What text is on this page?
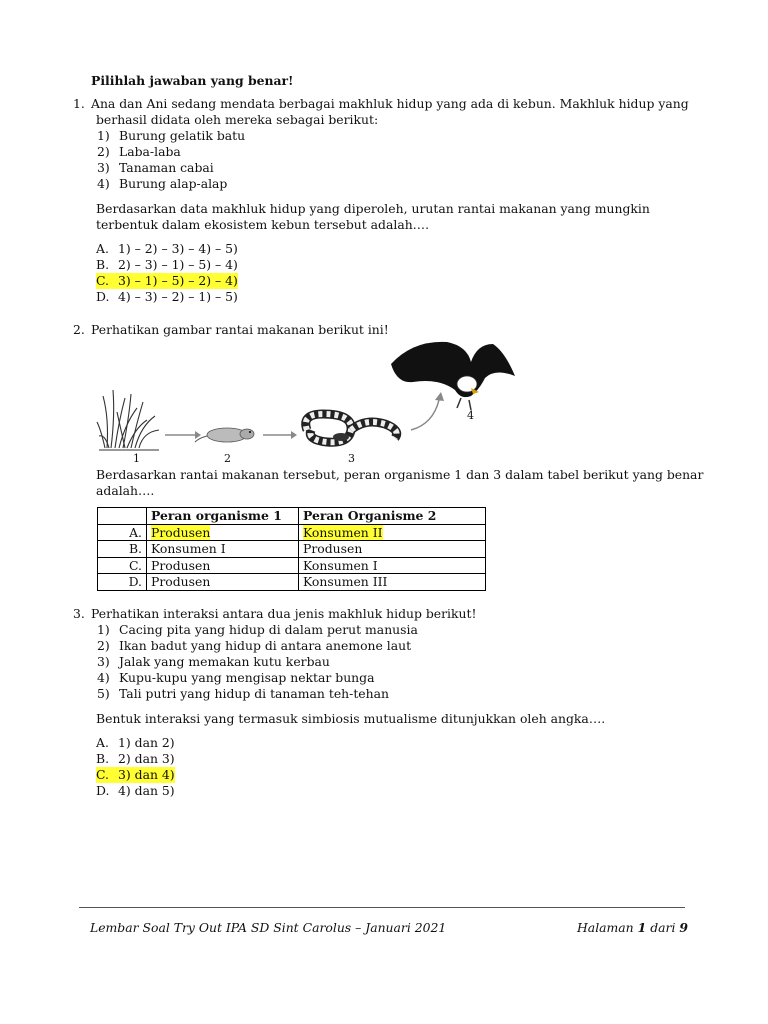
Pilihlah jawaban yang benar!
1. Ana dan Ani sedang mendata berbagai makhluk hidup yang ada di kebun. Makhluk hidup yang
berhasil didata oleh mereka sebagai berikut:
1) Burung gelatik batu
2) Laba-laba
3) Tanaman cabai
4) Burung alap-alap
Berdasarkan data makhluk hidup yang diperoleh, urutan rantai makanan yang mungkin
terbentuk dalam ekosistem kebun tersebut adalah….
A. 1) – 2) – 3) – 4) – 5)
B. 2) – 3) – 1) – 5) – 4)
C. 3) – 1) – 5) – 2) – 4)
D. 4) – 3) – 2) – 1) – 5)
2. Perhatikan gambar rantai makanan berikut ini!
1	2	3
4
Berdasarkan rantai makanan tersebut, peran organisme 1 dan 3 dalam tabel berikut yang benar
adalah….
	Peran organisme 1	Peran Organisme 2
A.	Produsen	Konsumen II
B.	Konsumen I	Produsen
C.	Produsen	Konsumen I
D.	Produsen	Konsumen III
3. Perhatikan interaksi antara dua jenis makhluk hidup berikut!
1) Cacing pita yang hidup di dalam perut manusia
2) Ikan badut yang hidup di antara anemone laut
3) Jalak yang memakan kutu kerbau
4) Kupu-kupu yang mengisap nektar bunga
5) Tali putri yang hidup di tanaman teh-tehan
Bentuk interaksi yang termasuk simbiosis mutualisme ditunjukkan oleh angka….
A. 1) dan 2)
B. 2) dan 3)
C. 3) dan 4)
D. 4) dan 5)
Lembar Soal Try Out IPA SD Sint Carolus – Januari 2021	Halaman 1 dari 9
